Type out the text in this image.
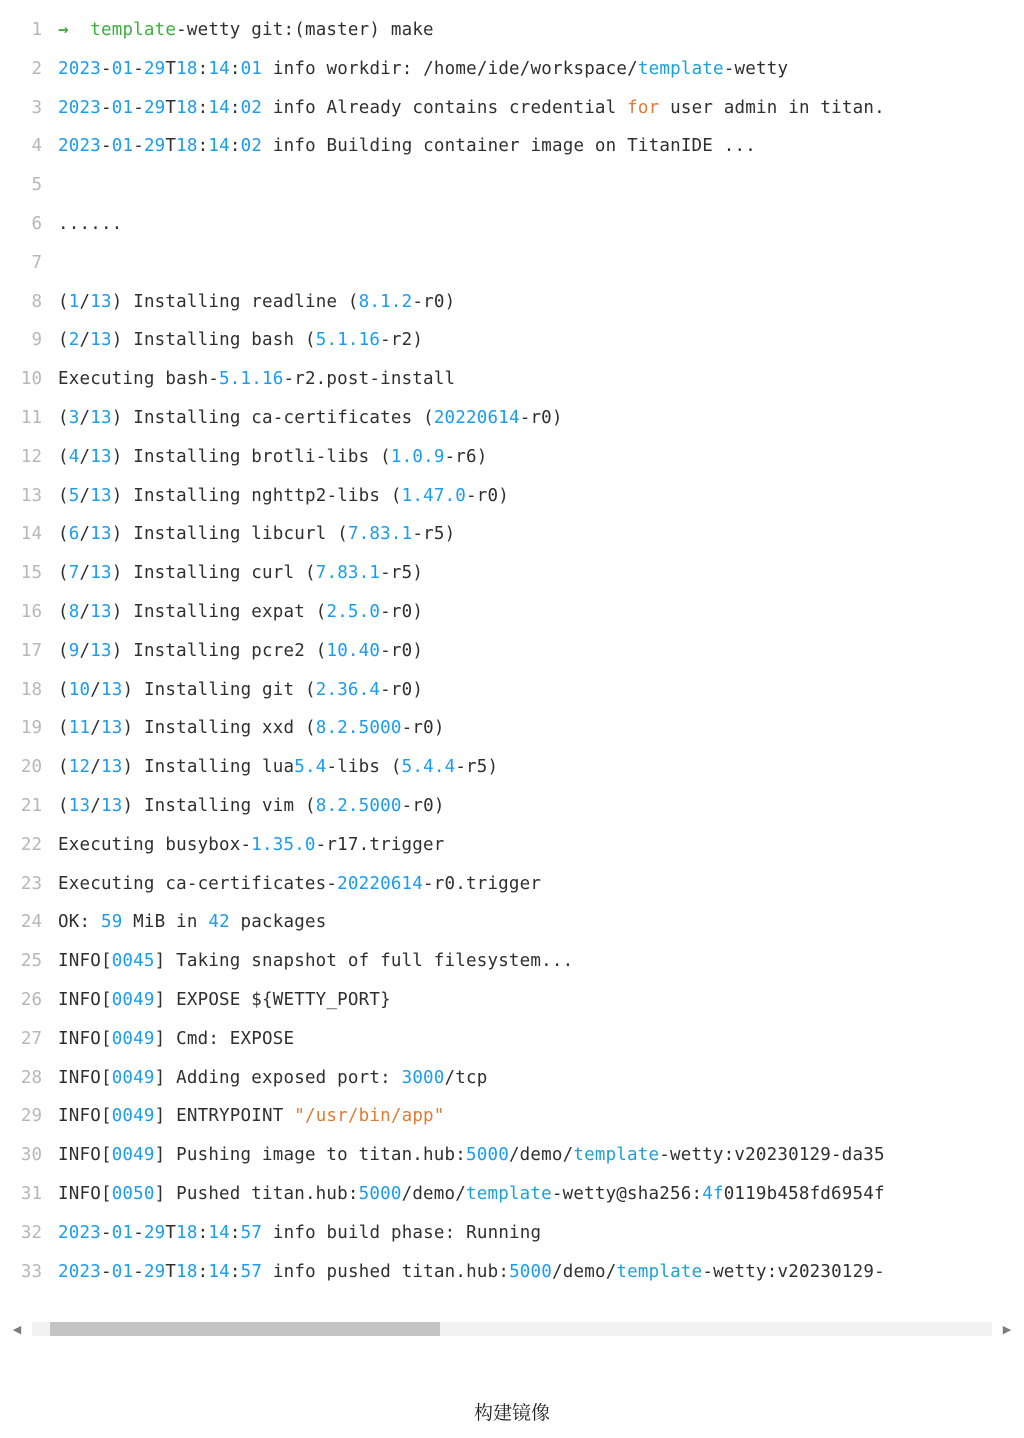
1 → template-wetty git:(master) make
2 2023-01-29T18:14:01 info workdir: /home/ide/workspace/template-wetty
3 2023-01-29T18:14:02 info Already contains credential for user admin in titan.
4 2023-01-29T18:14:02 info Building container image on TitanIDE ...
5
6 ......
7
8 (1/13) Installing readline (8.1.2-r0)
9 (2/13) Installing bash (5.1.16-r2)
10 Executing bash-5.1.16-r2.post-install
11 (3/13) Installing ca-certificates (20220614-r0)
12 (4/13) Installing brotli-libs (1.0.9-r6)
13 (5/13) Installing nghttp2-libs (1.47.0-r0)
14 (6/13) Installing libcurl (7.83.1-r5)
15 (7/13) Installing curl (7.83.1-r5)
16 (8/13) Installing expat (2.5.0-r0)
17 (9/13) Installing pcre2 (10.40-r0)
18 (10/13) Installing git (2.36.4-r0)
19 (11/13) Installing xxd (8.2.5000-r0)
20 (12/13) Installing lua5.4-libs (5.4.4-r5)
21 (13/13) Installing vim (8.2.5000-r0)
22 Executing busybox-1.35.0-r17.trigger
23 Executing ca-certificates-20220614-r0.trigger
24 OK: 59 MiB in 42 packages
25 INFO[0045] Taking snapshot of full filesystem...
26 INFO[0049] EXPOSE ${WETTY_PORT}
27 INFO[0049] Cmd: EXPOSE
28 INFO[0049] Adding exposed port: 3000/tcp
29 INFO[0049] ENTRYPOINT "/usr/bin/app"
30 INFO[0049] Pushing image to titan.hub:5000/demo/template-wetty:v20230129-da35
31 INFO[0050] Pushed titan.hub:5000/demo/template-wetty@sha256:4f0119b458fd6954f
32 2023-01-29T18:14:57 info build phase: Running
33 2023-01-29T18:14:57 info pushed titan.hub:5000/demo/template-wetty:v20230129-
◀	▶
构建镜像
